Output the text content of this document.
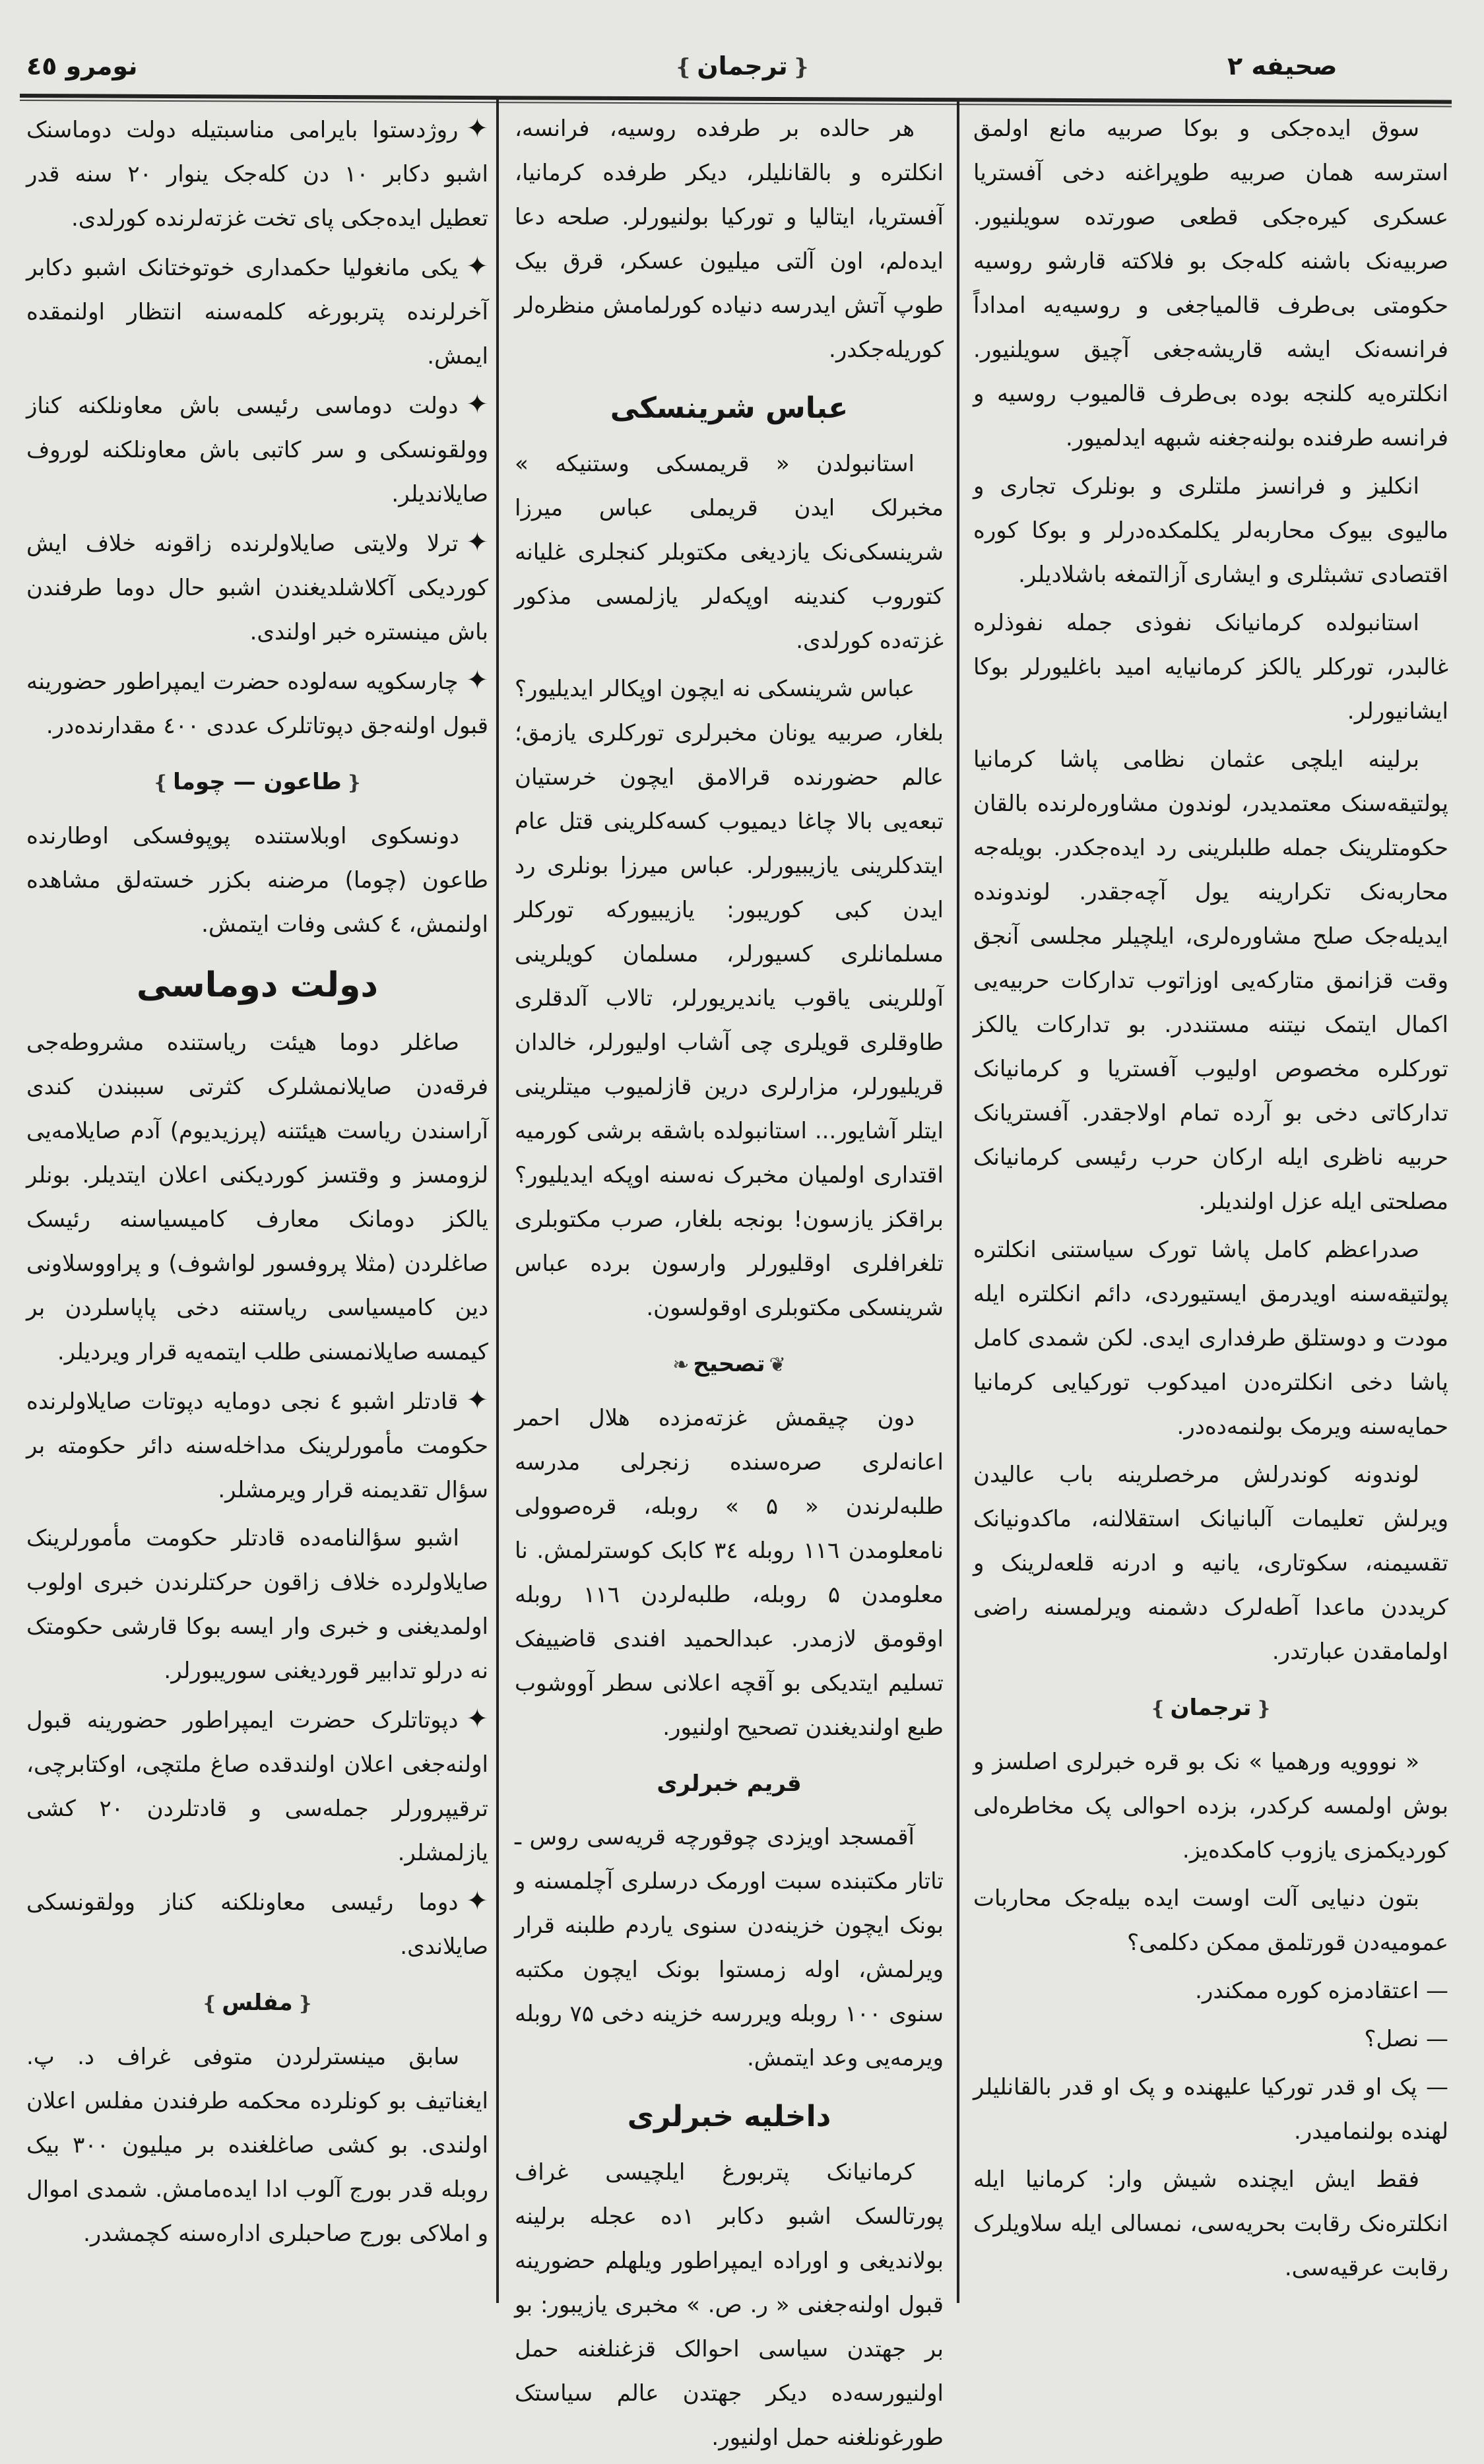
نومرو ٤٥	❴ترجمان❵	صحیفه ۲

سوق ایده‌جکی و بوکا صربیه مانع اولمق استرسه همان صربیه طوپراغنه دخی آفستریا عسکری کیره‌جکی قطعی صورتده سویلنیور. صربیه‌نک باشنه کله‌جک بو فلاکته قارشو روسیه حکومتی بی‌طرف قالمیاجغی و روسیه‌یه امداداً فرانسه‌نک ایشه قاریشه‌جغی آچیق سویلنیور. انکلتره‌یه کلنجه بوده بی‌طرف قالمیوب روسیه و فرانسه طرفنده بولنه‌جغنه شبهه ایدلمیور.

انکلیز و فرانسز ملتلری و بونلرک تجاری و مالیوی بیوک محاربه‌لر یکلمکده‌درلر و بوکا کوره اقتصادی تشبثلری و ایشاری آزالتمغه باشلادیلر.

استانبولده کرمانیانک نفوذی جمله نفوذلره غالبدر، تورکلر یالکز کرمانیایه امید باغلیورلر بوکا ایشانیورلر.

برلینه ایلچی عثمان نظامی پاشا کرمانیا پولتیقه‌سنک معتمدیدر، لوندون مشاوره‌لرنده بالقان حکومتلرینک جمله طلبلرینی رد ایده‌جکدر. بویله‌جه محاربه‌نک تکرارینه یول آچه‌جقدر. لوندونده ایدیله‌جک صلح مشاوره‌لری، ایلچیلر مجلسی آنجق وقت قزانمق متارکه‌یی اوزاتوب تدارکات حربیه‌یی اکمال ایتمک نیتنه مستنددر. بو تدارکات یالکز تورکلره مخصوص اولیوب آفستریا و کرمانیانک تدارکاتی دخی بو آرده تمام اولاجقدر. آفستریانک حربیه ناظری ایله ارکان حرب رئیسی کرمانیانک مصلحتی ایله عزل اولندیلر.

صدراعظم کامل پاشا تورک سیاستنی انکلتره پولتیقه‌سنه اویدرمق ایستیوردی، دائم انکلتره ایله مودت و دوستلق طرفداری ایدی. لکن شمدی کامل پاشا دخی انکلتره‌دن امیدکوب تورکیایی کرمانیا حمایه‌سنه ویرمک بولنمه‌ده‌در.

لوندونه کوندرلش مرخصلرینه باب عالیدن ویرلش تعلیمات آلبانیانک استقلالنه، ماکدونیانک تقسیمنه، سکوتاری، یانیه و ادرنه قلعه‌لرینک و کریددن ماعدا آطه‌لرک دشمنه ویرلمسنه راضی اولمامقدن عبارتدر.

❴ترجمان❵

« نووویه ورهمیا » نک بو قره خبرلری اصلسز و بوش اولمسه کرکدر، بزده احوالی پک مخاطره‌لی کوردیکمزی یازوب کامکده‌یز.

بتون دنیایی آلت اوست ایده بیله‌جک محاربات عمومیه‌دن قورتلمق ممکن دکلمی؟

— اعتقادمزه کوره ممکندر.

— نصل؟

— پک او قدر تورکیا علیهنده و پک او قدر بالقانلیلر لهنده بولنمامیدر.

فقط ایش ایچنده شیش وار: کرمانیا ایله انکلتره‌نک رقابت بحریه‌سی، نمسالی ایله سلاویلرک رقابت عرقیه‌سی.

هر حالده بر طرفده روسیه، فرانسه، انکلتره و بالقانلیلر، دیکر طرفده کرمانیا، آفستریا، ایتالیا و تورکیا بولنیورلر. صلحه دعا ایده‌لم، اون آلتی میلیون عسکر، قرق بیک طوپ آتش ایدرسه دنیاده کورلمامش منظره‌لر کوریله‌جکدر.

عباس شرینسکی

استانبولدن « قریمسکی وستنیکه » مخبرلک ایدن قریملی عباس میرزا شرینسکی‌نک یازدیغی مکتوبلر کنجلری غلیانه کتوروب کندینه اوپکه‌لر یازلمسی مذکور غزته‌ده کورلدی.

عباس شرینسکی نه ایچون اوپکالر ایدیلیور؟ بلغار، صربیه یونان مخبرلری تورکلری یازمق؛ عالم حضورنده قرالامق ایچون خرستیان تبعه‌یی بالا چاغا دیمیوب کسه‌کلرینی قتل عام ایتدکلرینی یازیبیورلر. عباس میرزا بونلری رد ایدن کبی کوریبور: یازیبیورکه تورکلر مسلمانلری کسیورلر، مسلمان کویلرینی آوللرینی یاقوب یاندیریورلر، تالاب آلدقلری طاوقلری قویلری چی آشاب اولیورلر، خالدان قریلیورلر، مزارلری درین قازلمیوب میتلرینی ایتلر آشایور... استانبولده باشقه برشی کورمیه اقتداری اولمیان مخبرک نه‌سنه اوپکه ایدیلیور؟ براقکز یازسون! بونجه بلغار، صرب مکتوبلری تلغرافلری اوقلیورلر وارسون برده عباس شرینسکی مکتوبلری اوقولسون.

❦تصحیح❧

دون چیقمش غزته‌مزده هلال احمر اعانه‌لری صره‌سنده زنجرلی مدرسه طلبه‌لرندن « ۵ » روبله، قره‌صوولی نامعلومدن ۱۱٦ روبله ۳٤ کابک کوسترلمش. نا معلومدن ۵ روبله، طلبه‌لردن ۱۱٦ روبله اوقومق لازمدر. عبدالحمید افندی قاضییفک تسلیم ایتدیکی بو آقچه اعلانی سطر آووشوب طبع اولندیغندن تصحیح اولنیور.

قریم خبرلری

آقمسجد اویزدی چوقورچه قریه‌سی روس ـ تاتار مکتبنده سبت اورمک درسلری آچلمسنه و بونک ایچون خزینه‌دن سنوی یاردم طلبنه قرار ویرلمش، اوله زمستوا بونک ایچون مکتبه سنوی ۱۰۰ روبله ویررسه خزینه دخی ۷۵ روبله ویرمه‌یی وعد ایتمش.

داخلیه خبرلری

کرمانیانک پتربورغ ایلچیسی غراف پورتالسک اشبو دکابر ۱ده عجله برلینه بولاندیغی و اوراده ایمپراطور ویلهلم حضورینه قبول اولنه‌جغنی « ر. ص. » مخبری یازیبور: بو بر جهتدن سیاسی احوالک قزغنلغنه حمل اولنیورسه‌ده دیکر جهتدن عالم سیاستک طورغونلغنه حمل اولنیور.

✦روژدستوا بایرامی مناسبتیله دولت دوماسنک اشبو دکابر ۱۰ دن کله‌جک ینوار ۲۰ سنه قدر تعطیل ایده‌جکی پای تخت غزته‌لرنده کورلدی.

✦یکی مانغولیا حکمداری خوتوختانک اشبو دکابر آخرلرنده پتربورغه کلمه‌سنه انتظار اولنمقده ایمش.

✦دولت دوماسی رئیسی باش معاونلکنه کناز وولقونسکی و سر کاتبی باش معاونلکنه لوروف صایلاندیلر.

✦ترلا ولایتی صایلاولرنده زاقونه خلاف ایش کوردیکی آکلاشلدیغندن اشبو حال دوما طرفندن باش مینستره خبر اولندی.

✦چارسکویه سه‌لوده حضرت ایمپراطور حضورینه قبول اولنه‌جق دپوتاتلرک عددی ٤۰۰ مقدارنده‌در.

❴طاعون — چوما❵

دونسکوی اوبلاستنده پوپوفسکی اوطارنده طاعون (چوما) مرضنه بکزر خسته‌لق مشاهده اولنمش، ٤ کشی وفات ایتمش.

دولت دوماسی

صاغلر دوما هیئت ریاستنده مشروطه‌جی فرقه‌دن صایلانمشلرک کثرتی سببندن کندی آراسندن ریاست هیئتنه (پرزیدیوم) آدم صایلامه‌یی لزومسز و وقتسز کوردیکنی اعلان ایتدیلر. بونلر یالکز دومانک معارف کامیسیاسنه رئیسک صاغلردن (مثلا پروفسور لواشوف) و پراووسلاونی دین کامیسیاسی ریاستنه دخی پاپاسلردن بر کیمسه صایلانمسنی طلب ایتمه‌یه قرار ویردیلر.

✦قادتلر اشبو ٤ نجی دومایه دپوتات صایلاولرنده حکومت مأمورلرینک مداخله‌سنه دائر حکومته بر سؤال تقدیمنه قرار ویرمشلر.

اشبو سؤالنامه‌ده قادتلر حکومت مأمورلرینک صایلاولرده خلاف زاقون حرکتلرندن خبری اولوب اولمدیغنی و خبری وار ایسه بوکا قارشی حکومتک نه درلو تدابیر قوردیغنی سوریبورلر.

✦دپوتاتلرک حضرت ایمپراطور حضورینه قبول اولنه‌جغی اعلان اولندقده صاغ ملتچی، اوکتابرچی، ترقیپرورلر جمله‌سی و قادتلردن ۲۰ کشی یازلمشلر.

✦دوما رئیسی معاونلکنه کناز وولقونسکی صایلاندی.

❴مفلس❵

سابق مینسترلردن متوفی غراف د. پ. ایغناتیف بو کونلرده محکمه طرفندن مفلس اعلان اولندی. بو کشی صاغلغنده بر میلیون ۳۰۰ بیک روبله قدر بورج آلوب ادا ایده‌مامش. شمدی اموال و املاکی بورج صاحبلری اداره‌سنه کچمشدر.
